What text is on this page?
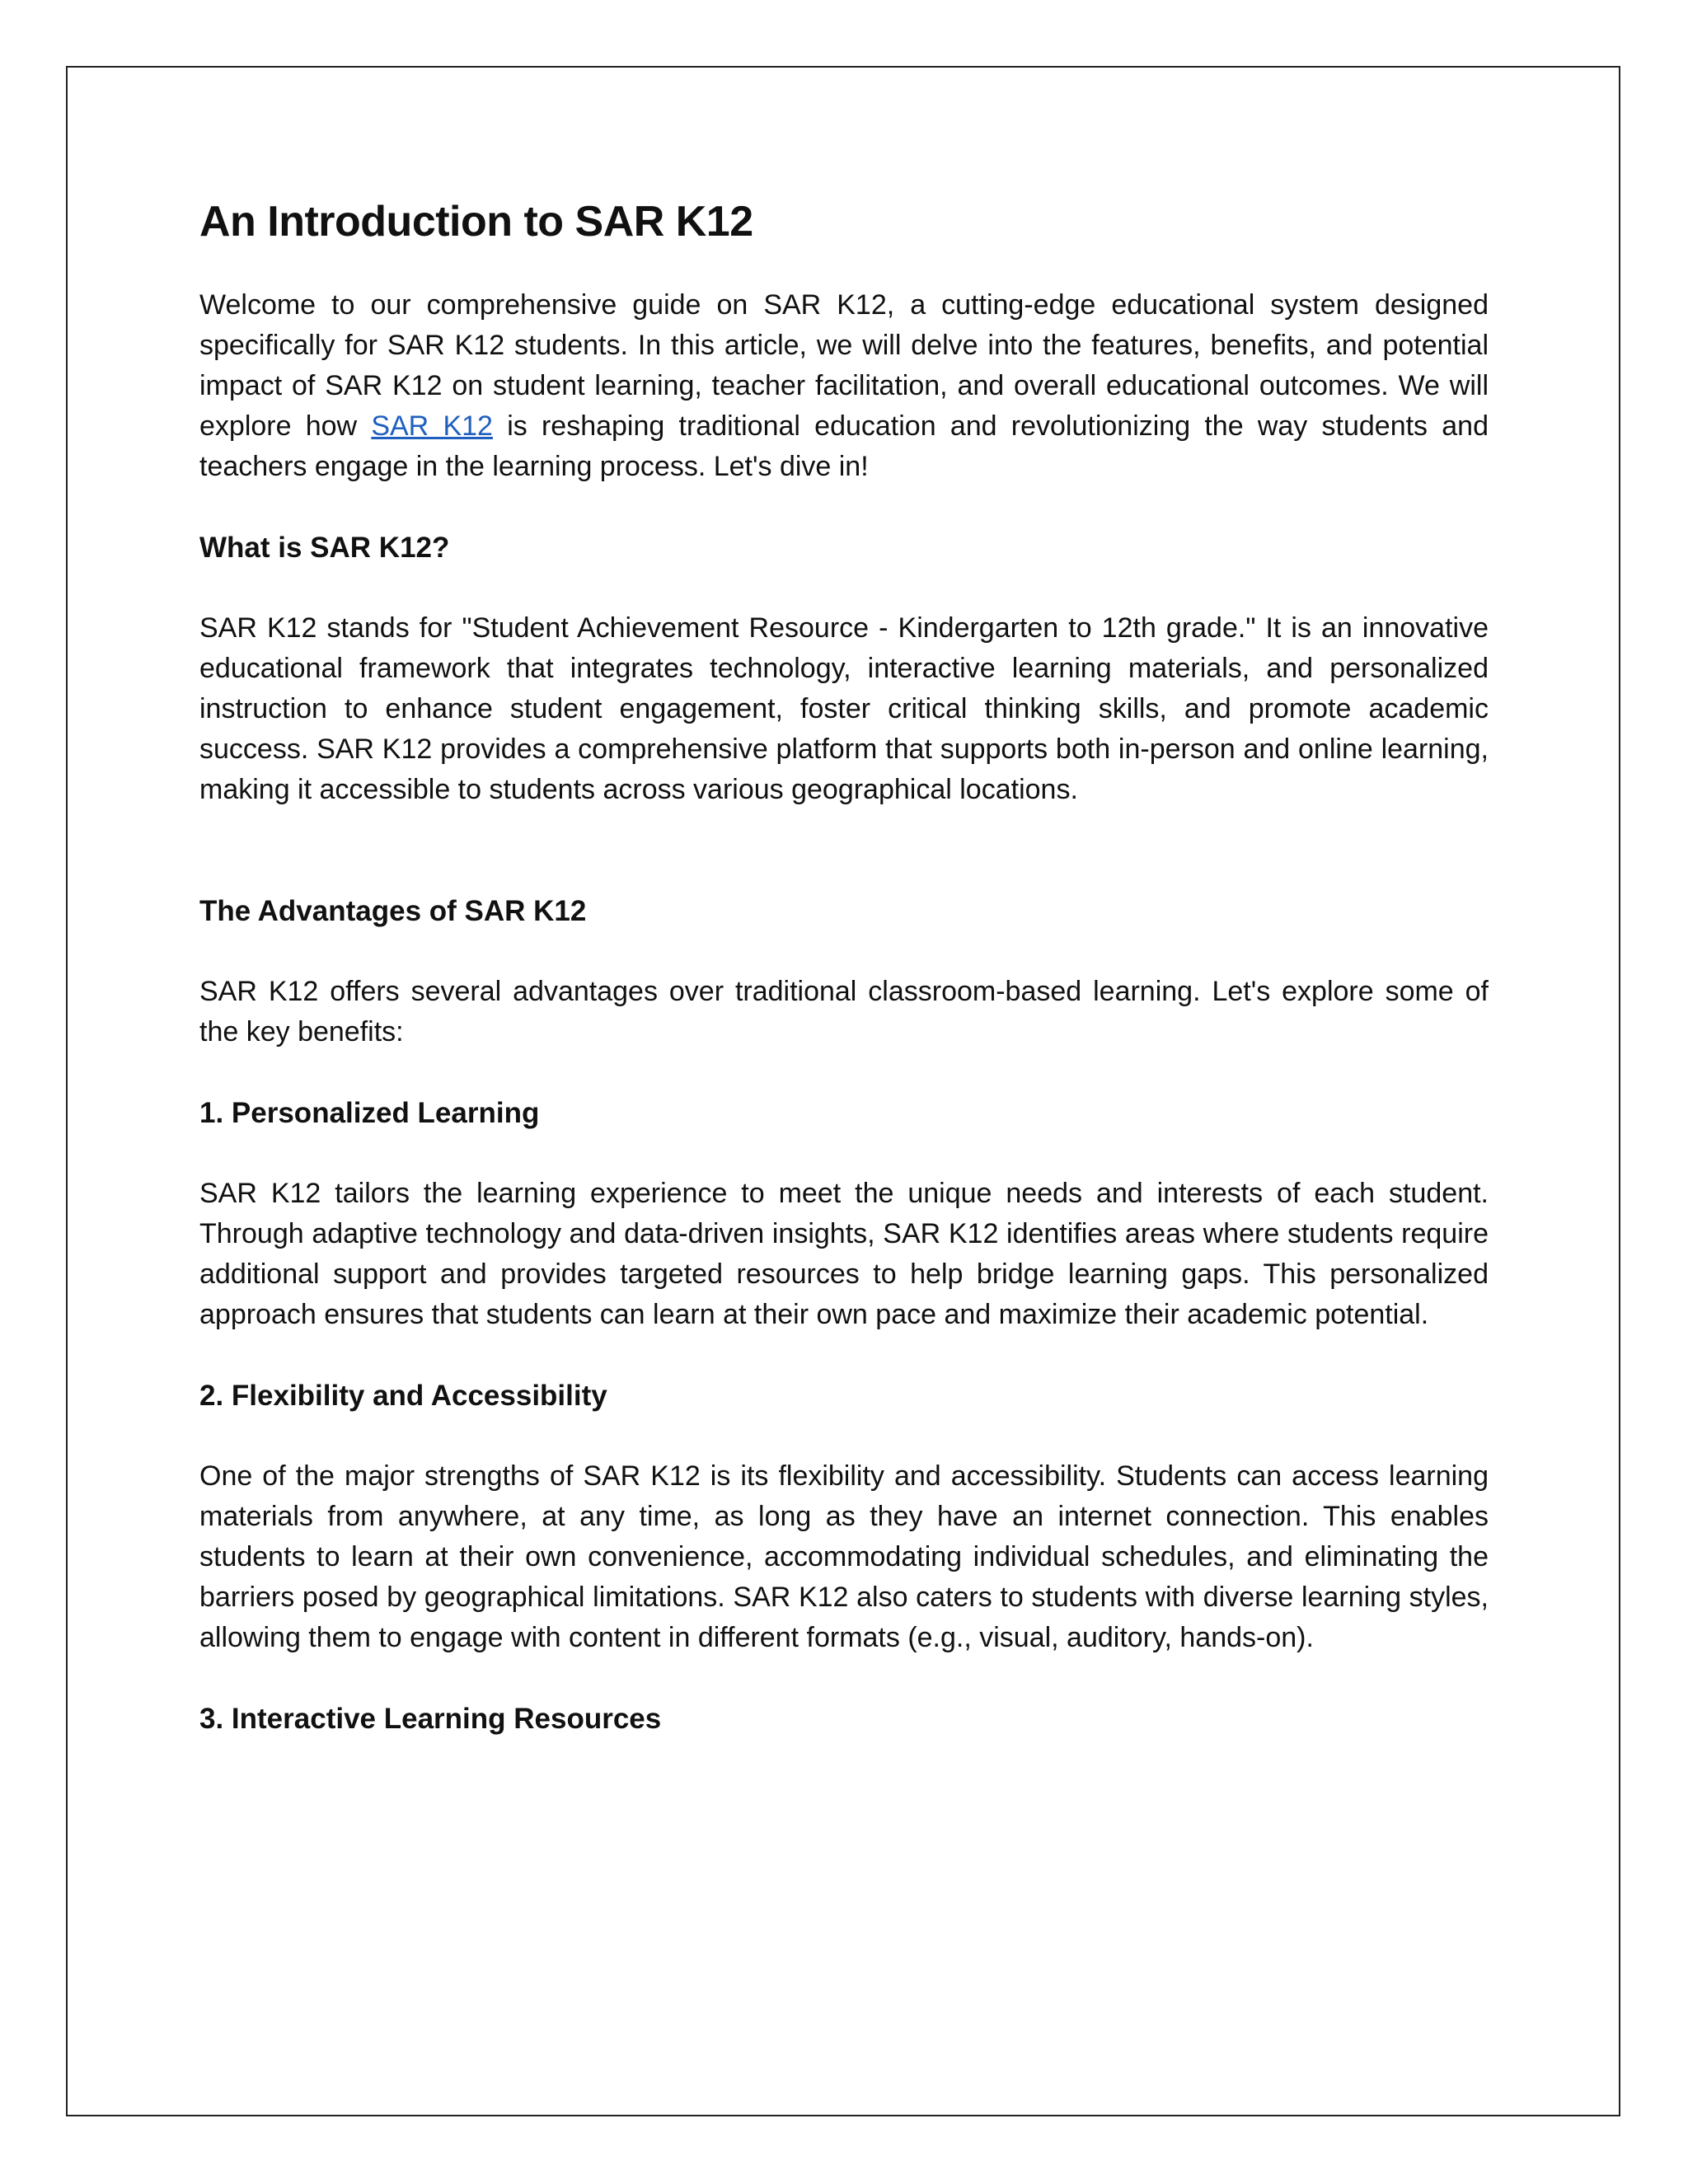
An Introduction to SAR K12

Welcome to our comprehensive guide on SAR K12, a cutting-edge educational system designed specifically for SAR K12 students. In this article, we will delve into the features, benefits, and potential impact of SAR K12 on student learning, teacher facilitation, and overall educational outcomes. We will explore how SAR K12 is reshaping traditional education and revolutionizing the way students and teachers engage in the learning process. Let's dive in!

What is SAR K12?

SAR K12 stands for "Student Achievement Resource - Kindergarten to 12th grade." It is an innovative educational framework that integrates technology, interactive learning materials, and personalized instruction to enhance student engagement, foster critical thinking skills, and promote academic success. SAR K12 provides a comprehensive platform that supports both in-person and online learning, making it accessible to students across various geographical locations.

The Advantages of SAR K12

SAR K12 offers several advantages over traditional classroom-based learning. Let's explore some of the key benefits:

1. Personalized Learning

SAR K12 tailors the learning experience to meet the unique needs and interests of each student. Through adaptive technology and data-driven insights, SAR K12 identifies areas where students require additional support and provides targeted resources to help bridge learning gaps. This personalized approach ensures that students can learn at their own pace and maximize their academic potential.

2. Flexibility and Accessibility

One of the major strengths of SAR K12 is its flexibility and accessibility. Students can access learning materials from anywhere, at any time, as long as they have an internet connection. This enables students to learn at their own convenience, accommodating individual schedules, and eliminating the barriers posed by geographical limitations. SAR K12 also caters to students with diverse learning styles, allowing them to engage with content in different formats (e.g., visual, auditory, hands-on).

3. Interactive Learning Resources
